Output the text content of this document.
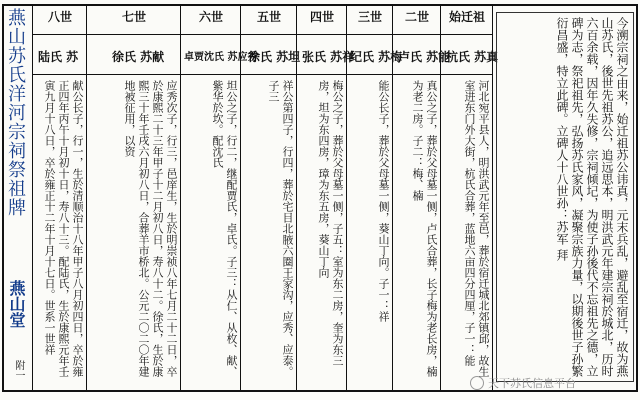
燕山苏氏洋河宗祠祭祖牌
燕山堂
附一
八世
陆氏 苏
献公长子，行一，生於清顺治十八年甲子八月初四日，卒於雍正四年丙午十月初十日，寿八十三。配陆氏，生於康熙元年壬寅九月十八日，卒於雍正十二年十月十七日。世系一世祥
七世
徐氏 苏献
应秀次子，行三，邑庠生，生於明崇祯八年七月二十二日，卒於康熙二十三年甲子十二月初八日，寿八十二。徐氏，生於康熙三十年壬戌六月初八日，合葬羊市桥北。公元二〇二〇年建地被征用，以资
六世
卓贾沈氏 苏应秀
坦公之子，行二，继配贾氏，卓氏。子三：从仁、从枚、献、紫华於坎。配沈氏
五世
徐氏 苏坦
祥公第四子，行四，葬於宅目北腋六圈王家沟，应秀、应泰。子三
四世
张氏 苏祥
梅公之子，葬於父母墓一侧，子五：室为东二房，奎为东三房，坦为东四房，璋为东五房，葵山丁向
三世
纪氏 苏梅
能公长子，葬於父母墓一侧，葵山丁向。子一：祥
二世
卢氏 苏能
真公之子，葬於父母墓一侧，卢氏合葬，长子梅为老长房，楠为老二房。子二：梅、楠
始迁祖
杭氏 苏真
河北宛平县人，明洪武元年至邑，葬於宿迁城北郊镇邱，故生室进东门外大街，杭氏合葬，蓝地六亩四分四厘，子一：能	今溯宗祠之由来，始迁祖苏公讳真，元末兵乱，避乱至宿迁，故为燕山苏氏，後世先祖苏公，追远思本，明洪武元年建宗祠於城北，历时六百余载，因年久失修，宗祠倾圮，为使子孙後代不忘祖先之德，立碑为志，祭祀祖先，弘扬苏氏家风，凝聚宗族力量，以期後世子孙繁衍昌盛，特立此碑。立碑人十八世孙：苏军 拜
天下苏氏信息平台
